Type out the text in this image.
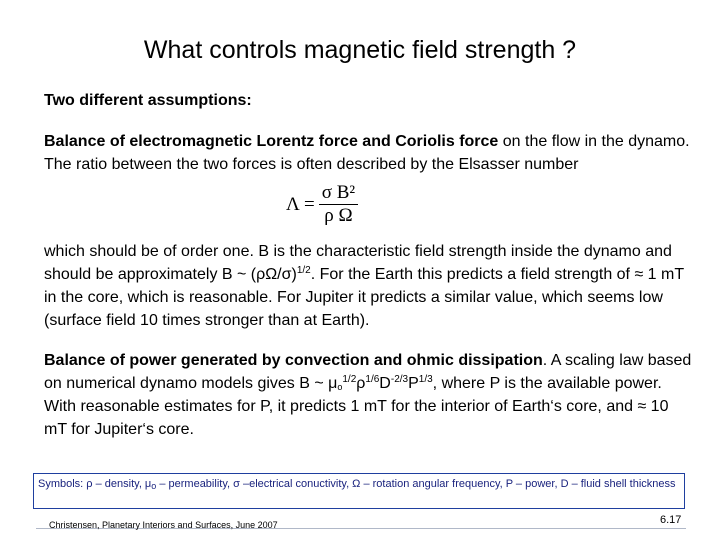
What controls magnetic field strength ?
Two different assumptions:
Balance of electromagnetic Lorentz force and Coriolis force on the flow in the dynamo. The ratio between the two forces is often described by the Elsasser number
$\Lambda = \frac{\text{σ B²}}{\text{ρ Ω}}$
which should be of order one. B is the characteristic field strength inside the dynamo and should be approximately B ~ $(\rho\Omega/\sigma)^{1/2}$. For the Earth this predicts a field strength of ≈ 1 mT in the core, which is reasonable. For Jupiter it predicts a similar value, which seems low (surface field 10 times stronger than at Earth).
Balance of power generated by convection and ohmic dissipation. A scaling law based on numerical dynamo models gives B ~ $\mu_o^{1/2}\rho^{1/6}D^{-2/3}P^{1/3}$, where P is the available power. With reasonable estimates for P, it predicts 1 mT for the interior of Earth‘s core, and ≈ 10 mT for Jupiter‘s core.
Symbols: ρ – density, $\mu_o$ – permeability, σ –electrical conuctivity, Ω – rotation angular frequency, P – power, D – fluid shell thickness
6.17
Christensen, Planetary Interiors and Surfaces, June 2007
